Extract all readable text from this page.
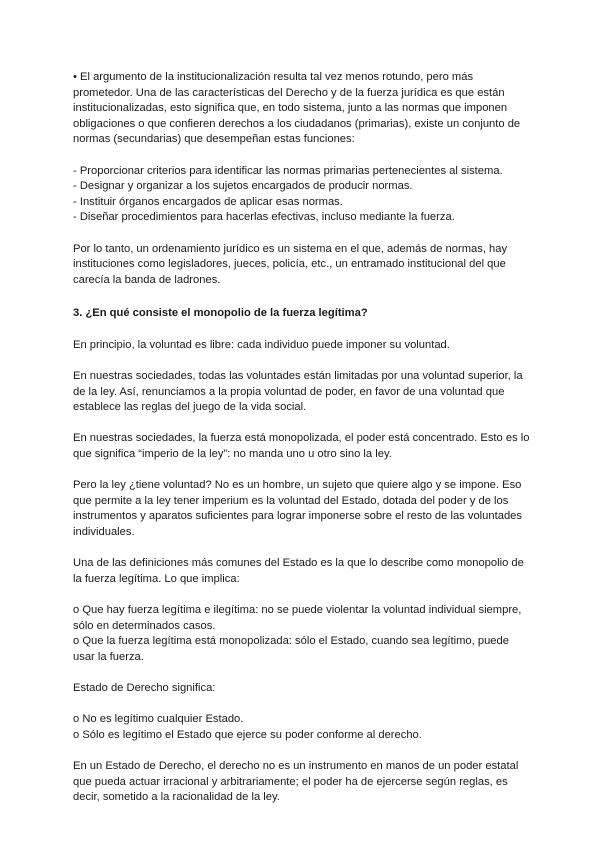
• El argumento de la institucionalización resulta tal vez menos rotundo, pero más
prometedor. Una de las características del Derecho y de la fuerza jurídica es que están
institucionalizadas, esto significa que, en todo sistema, junto a las normas que imponen
obligaciones o que confieren derechos a los ciudadanos (primarias), existe un conjunto de
normas (secundarias) que desempeñan estas funciones:

- Proporcionar criterios para identificar las normas primarias pertenecientes al sistema.
- Designar y organizar a los sujetos encargados de producir normas.
- Instituir órganos encargados de aplicar esas normas.
- Diseñar procedimientos para hacerlas efectivas, incluso mediante la fuerza.

Por lo tanto, un ordenamiento jurídico es un sistema en el que, además de normas, hay
instituciones como legisladores, jueces, policía, etc., un entramado institucional del que
carecía la banda de ladrones.

3. ¿En qué consiste el monopolio de la fuerza legítima?

En principio, la voluntad es libre: cada individuo puede imponer su voluntad.

En nuestras sociedades, todas las voluntades están limitadas por una voluntad superior, la
de la ley. Así, renunciamos a la propia voluntad de poder, en favor de una voluntad que
establece las reglas del juego de la vida social.

En nuestras sociedades, la fuerza está monopolizada, el poder está concentrado. Esto es lo
que significa “imperio de la ley”: no manda uno u otro sino la ley.

Pero la ley ¿tiene voluntad? No es un hombre, un sujeto que quiere algo y se impone. Eso
que permite a la ley tener imperium es la voluntad del Estado, dotada del poder y de los
instrumentos y aparatos suficientes para lograr imponerse sobre el resto de las voluntades
individuales.

Una de las definiciones más comunes del Estado es la que lo describe como monopolio de
la fuerza legítima. Lo que implica:

o Que hay fuerza legítima e ilegítima: no se puede violentar la voluntad individual siempre,
sólo en determinados casos.
o Que la fuerza legítima está monopolizada: sólo el Estado, cuando sea legítimo, puede
usar la fuerza.

Estado de Derecho significa:

o No es legítimo cualquier Estado.
o Sólo es legítimo el Estado que ejerce su poder conforme al derecho.

En un Estado de Derecho, el derecho no es un instrumento en manos de un poder estatal
que pueda actuar irracional y arbitrariamente; el poder ha de ejercerse según reglas, es
decir, sometido a la racionalidad de la ley.
